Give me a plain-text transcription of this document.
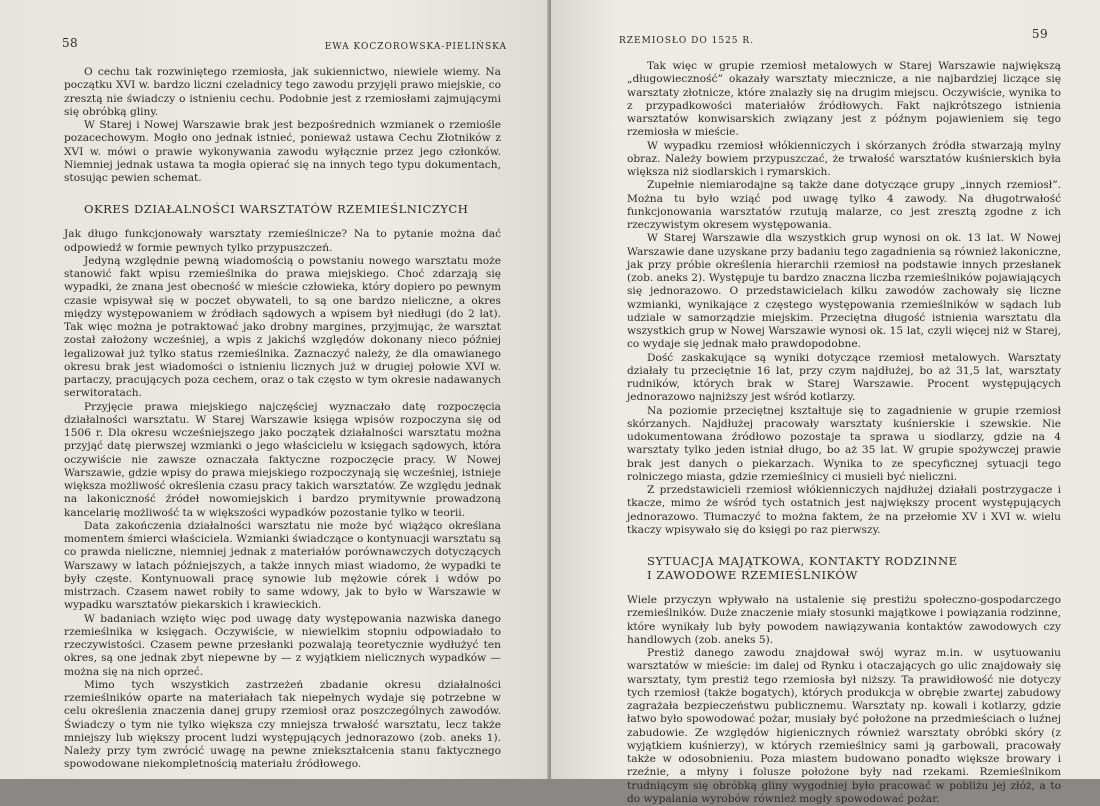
58	EWA KOCZOROWSKA-PIELIŃSKA

O cechu tak rozwiniętego rzemiosła, jak sukiennictwo, niewiele wiemy. Na początku XVI w. bardzo liczni czeladnicy tego zawodu przyjęli prawo miejskie, co zresztą nie świadczy o istnieniu cechu. Podobnie jest z rzemiosłami zajmującymi się obróbką gliny.

W Starej i Nowej Warszawie brak jest bezpośrednich wzmianek o rzemiośle pozacechowym. Mogło ono jednak istnieć, ponieważ ustawa Cechu Złotników z XVI w. mówi o prawie wykonywania zawodu wyłącznie przez jego członków. Niemniej jednak ustawa ta mogła opierać się na innych tego typu dokumentach, stosując pewien schemat.

OKRES DZIAŁALNOŚCI WARSZTATÓW RZEMIEŚLNICZYCH

Jak długo funkcjonowały warsztaty rzemieślnicze? Na to pytanie można dać odpowiedź w formie pewnych tylko przypuszczeń.

Jedyną względnie pewną wiadomością o powstaniu nowego warsztatu może stanowić fakt wpisu rzemieślnika do prawa miejskiego. Choć zdarzają się wypadki, że znana jest obecność w mieście człowieka, który dopiero po pewnym czasie wpisywał się w poczet obywateli, to są one bardzo nieliczne, a okres między występowaniem w źródłach sądowych a wpisem był niedługi (do 2 lat). Tak więc można je potraktować jako drobny margines, przyjmując, że warsztat został założony wcześniej, a wpis z jakichś względów dokonany nieco później legalizował już tylko status rzemieślnika. Zaznaczyć należy, że dla omawianego okresu brak jest wiadomości o istnieniu licznych już w drugiej połowie XVI w. partaczy, pracujących poza cechem, oraz o tak często w tym okresie nadawanych serwitoratach.

Przyjęcie prawa miejskiego najczęściej wyznaczało datę rozpoczęcia działalności warsztatu. W Starej Warszawie księga wpisów rozpoczyna się od 1506 r. Dla okresu wcześniejszego jako początek działalności warsztatu można przyjąć datę pierwszej wzmianki o jego właścicielu w księgach sądowych, która oczywiście nie zawsze oznaczała faktyczne rozpoczęcie pracy. W Nowej Warszawie, gdzie wpisy do prawa miejskiego rozpoczynają się wcześniej, istnieje większa możliwość określenia czasu pracy takich warsztatów. Ze względu jednak na lakoniczność źródeł nowomiejskich i bardzo prymitywnie prowadzoną kancelarię możliwość ta w większości wypadków pozostanie tylko w teorii.

Data zakończenia działalności warsztatu nie może być wiążąco określana momentem śmierci właściciela. Wzmianki świadczące o kontynuacji warsztatu są co prawda nieliczne, niemniej jednak z materiałów porównawczych dotyczących Warszawy w latach późniejszych, a także innych miast wiadomo, że wypadki te były częste. Kontynuowali pracę synowie lub mężowie córek i wdów po mistrzach. Czasem nawet robiły to same wdowy, jak to było w Warszawie w wypadku warsztatów piekarskich i krawieckich.

W badaniach wzięto więc pod uwagę daty występowania nazwiska danego rzemieślnika w księgach. Oczywiście, w niewielkim stopniu odpowiadało to rzeczywistości. Czasem pewne przesłanki pozwalają teoretycznie wydłużyć ten okres, są one jednak zbyt niepewne by — z wyjątkiem nielicznych wypadków — można się na nich oprzeć.

Mimo tych wszystkich zastrzeżeń zbadanie okresu działalności rzemieślników oparte na materiałach tak niepełnych wydaje się potrzebne w celu określenia znaczenia danej grupy rzemiosł oraz poszczególnych zawodów. Świadczy o tym nie tylko większa czy mniejsza trwałość warsztatu, lecz także mniejszy lub większy procent ludzi występujących jednorazowo (zob. aneks 1). Należy przy tym zwrócić uwagę na pewne zniekształcenia stanu faktycznego spowodowane niekompletnością materiału źródłowego.

RZEMIOSŁO DO 1525 R.	59

Tak więc w grupie rzemiosł metalowych w Starej Warszawie największą „długowieczność” okazały warsztaty miecznicze, a nie najbardziej liczące się warsztaty złotnicze, które znalazły się na drugim miejscu. Oczywiście, wynika to z przypadkowości materiałów źródłowych. Fakt najkrótszego istnienia warsztatów konwisarskich związany jest z późnym pojawieniem się tego rzemiosła w mieście.

W wypadku rzemiosł włókienniczych i skórzanych źródła stwarzają mylny obraz. Należy bowiem przypuszczać, że trwałość warsztatów kuśnierskich była większa niż siodlarskich i rymarskich.

Zupełnie niemiarodajne są także dane dotyczące grupy „innych rzemiosł”. Można tu było wziąć pod uwagę tylko 4 zawody. Na długotrwałość funkcjonowania warsztatów rzutują malarze, co jest zresztą zgodne z ich rzeczywistym okresem występowania.

W Starej Warszawie dla wszystkich grup wynosi on ok. 13 lat. W Nowej Warszawie dane uzyskane przy badaniu tego zagadnienia są również lakoniczne, jak przy próbie określenia hierarchii rzemiosł na podstawie innych przesłanek (zob. aneks 2). Występuje tu bardzo znaczna liczba rzemieślników pojawiających się jednorazowo. O przedstawicielach kilku zawodów zachowały się liczne wzmianki, wynikające z częstego występowania rzemieślników w sądach lub udziale w samorządzie miejskim. Przeciętna długość istnienia warsztatu dla wszystkich grup w Nowej Warszawie wynosi ok. 15 lat, czyli więcej niż w Starej, co wydaje się jednak mało prawdopodobne.

Dość zaskakujące są wyniki dotyczące rzemiosł metalowych. Warsztaty działały tu przeciętnie 16 lat, przy czym najdłużej, bo aż 31,5 lat, warsztaty rudników, których brak w Starej Warszawie. Procent występujących jednorazowo najniższy jest wśród kotlarzy.

Na poziomie przeciętnej kształtuje się to zagadnienie w grupie rzemiosł skórzanych. Najdłużej pracowały warsztaty kuśnierskie i szewskie. Nie udokumentowana źródłowo pozostaje ta sprawa u siodlarzy, gdzie na 4 warsztaty tylko jeden istniał długo, bo aż 35 lat. W grupie spożywczej prawie brak jest danych o piekarzach. Wynika to ze specyficznej sytuacji tego rolniczego miasta, gdzie rzemieślnicy ci musieli być nieliczni.

Z przedstawicieli rzemiosł włókienniczych najdłużej działali postrzygacze i tkacze, mimo że wśród tych ostatnich jest największy procent występujących jednorazowo. Tłumaczyć to można faktem, że na przełomie XV i XVI w. wielu tkaczy wpisywało się do księgi po raz pierwszy.

SYTUACJA MAJĄTKOWA, KONTAKTY RODZINNE

I ZAWODOWE RZEMIEŚLNIKÓW

Wiele przyczyn wpływało na ustalenie się prestiżu społeczno-gospodarczego rzemieślników. Duże znaczenie miały stosunki majątkowe i powiązania rodzinne, które wynikały lub były powodem nawiązywania kontaktów zawodowych czy handlowych (zob. aneks 5).

Prestiż danego zawodu znajdował swój wyraz m.in. w usytuowaniu warsztatów w mieście: im dalej od Rynku i otaczających go ulic znajdowały się warsztaty, tym prestiż tego rzemiosła był niższy. Ta prawidłowość nie dotyczy tych rzemiosł (także bogatych), których produkcja w obrębie zwartej zabudowy zagrażała bezpieczeństwu publicznemu. Warsztaty np. kowali i kotlarzy, gdzie łatwo było spowodować pożar, musiały być położone na przedmieściach o luźnej zabudowie. Ze względów higienicznych również warsztaty obróbki skóry (z wyjątkiem kuśnierzy), w których rzemieślnicy sami ją garbowali, pracowały także w odosobnieniu. Poza miastem budowano ponadto większe browary i rzeźnie, a młyny i folusze położone były nad rzekami. Rzemieślnikom trudniącym się obróbką gliny wygodniej było pracować w pobliżu jej złóż, a to do wypalania wyrobów również mogły spowodować pożar.
